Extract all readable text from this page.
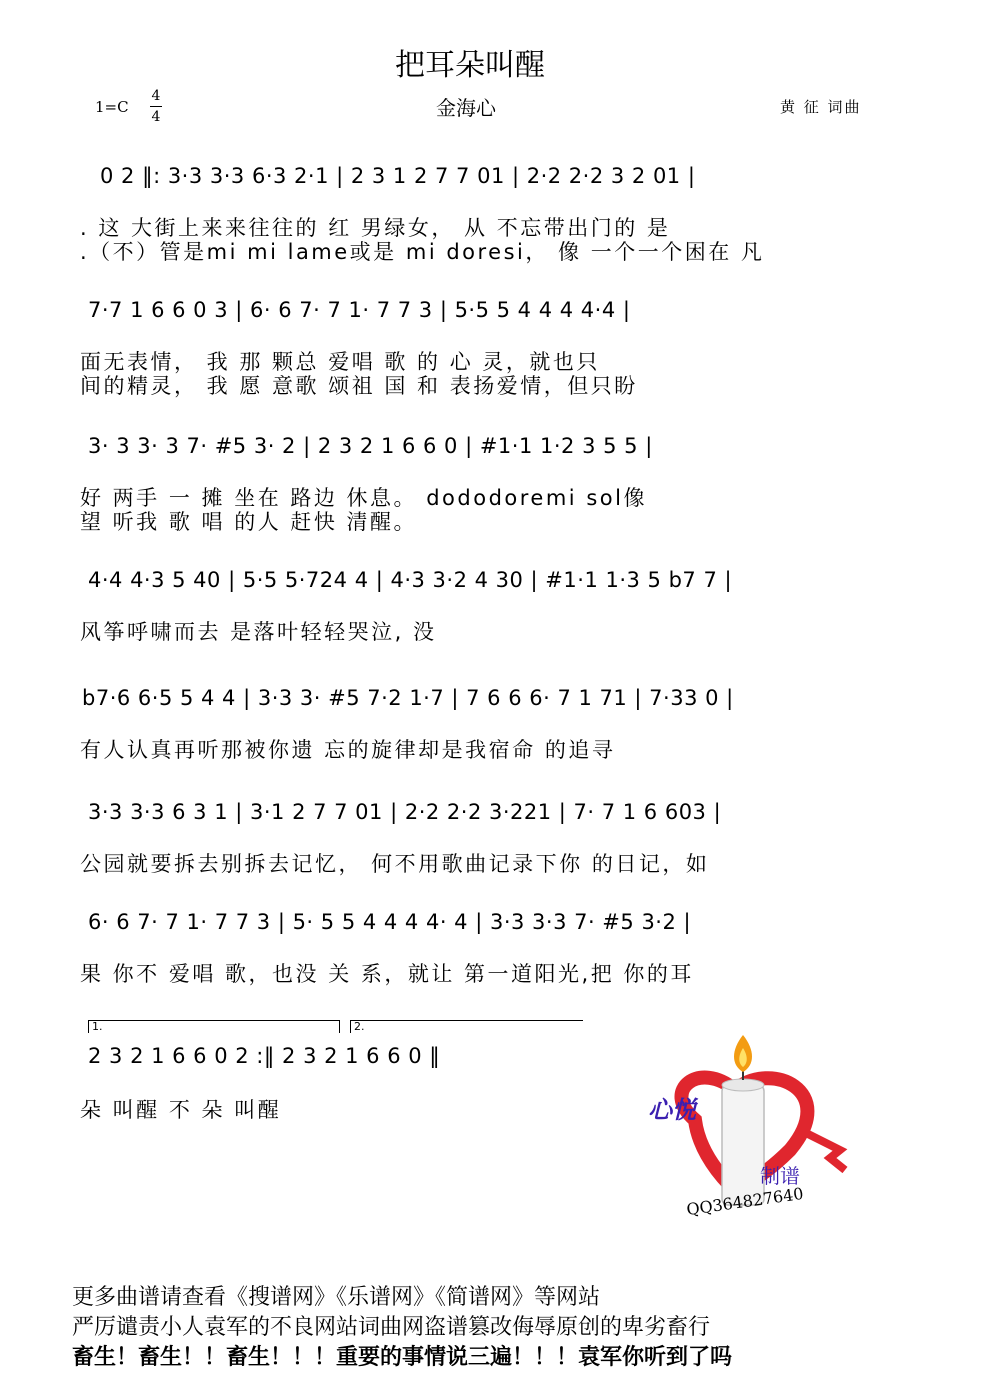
把耳朵叫醒
1=C
4
4	金海心	黄 征 词曲
0 2 ‖: 3·3 3·3 6·3 2·1 | 2 3 1 2 7 7 01 | 2·2 2·2 3 2 01 |
. 这 大街上来来往往的 红 男绿女， 从 不忘带出门的 是
.（不）管是mi mi lame或是 mi doresi， 像 一个一个困在 凡
7·7 1 6 6 0 3 | 6· 6 7· 7 1· 7 7 3 | 5·5 5 4 4 4 4·4 |
面无表情， 我 那 颗总 爱唱 歌 的 心 灵，就也只
间的精灵， 我 愿 意歌 颂祖 国 和 表扬爱情，但只盼
3· 3 3· 3 7· #5 3· 2 | 2 3 2 1 6 6 0 | #1·1 1·2 3 5 5 |
好 两手 一 摊 坐在 路边 休息。 dododoremi sol像
望 听我 歌 唱 的人 赶快 清醒。
4·4 4·3 5 40 | 5·5 5·724 4 | 4·3 3·2 4 30 | #1·1 1·3 5 b7 7 |
风筝呼啸而去 是落叶轻轻哭泣, 没
b7·6 6·5 5 4 4 | 3·3 3· #5 7·2 1·7 | 7 6 6 6· 7 1 71 | 7·33 0 |
有人认真再听那被你遗 忘的旋律却是我宿命 的追寻
3·3 3·3 6 3 1 | 3·1 2 7 7 01 | 2·2 2·2 3·221 | 7· 7 1 6 603 |
公园就要拆去别拆去记忆， 何不用歌曲记录下你 的日记，如
6· 6 7· 7 1· 7 7 3 | 5· 5 5 4 4 4 4· 4 | 3·3 3·3 7· #5 3·2 |
果 你不 爱唱 歌，也没 关 系，就让 第一道阳光,把 你的耳
1.	2.
2 3 2 1 6 6 0 2 :‖ 2 3 2 1 6 6 0 ‖
朵 叫醒 不 朵 叫醒	心悦
制谱
QQ364827640
更多曲谱请查看《搜谱网》《乐谱网》《简谱网》等网站
严厉谴责小人袁军的不良网站词曲网盗谱篡改侮辱原创的卑劣畜行
畜生！畜生！！畜生！！！重要的事情说三遍！！！袁军你听到了吗
